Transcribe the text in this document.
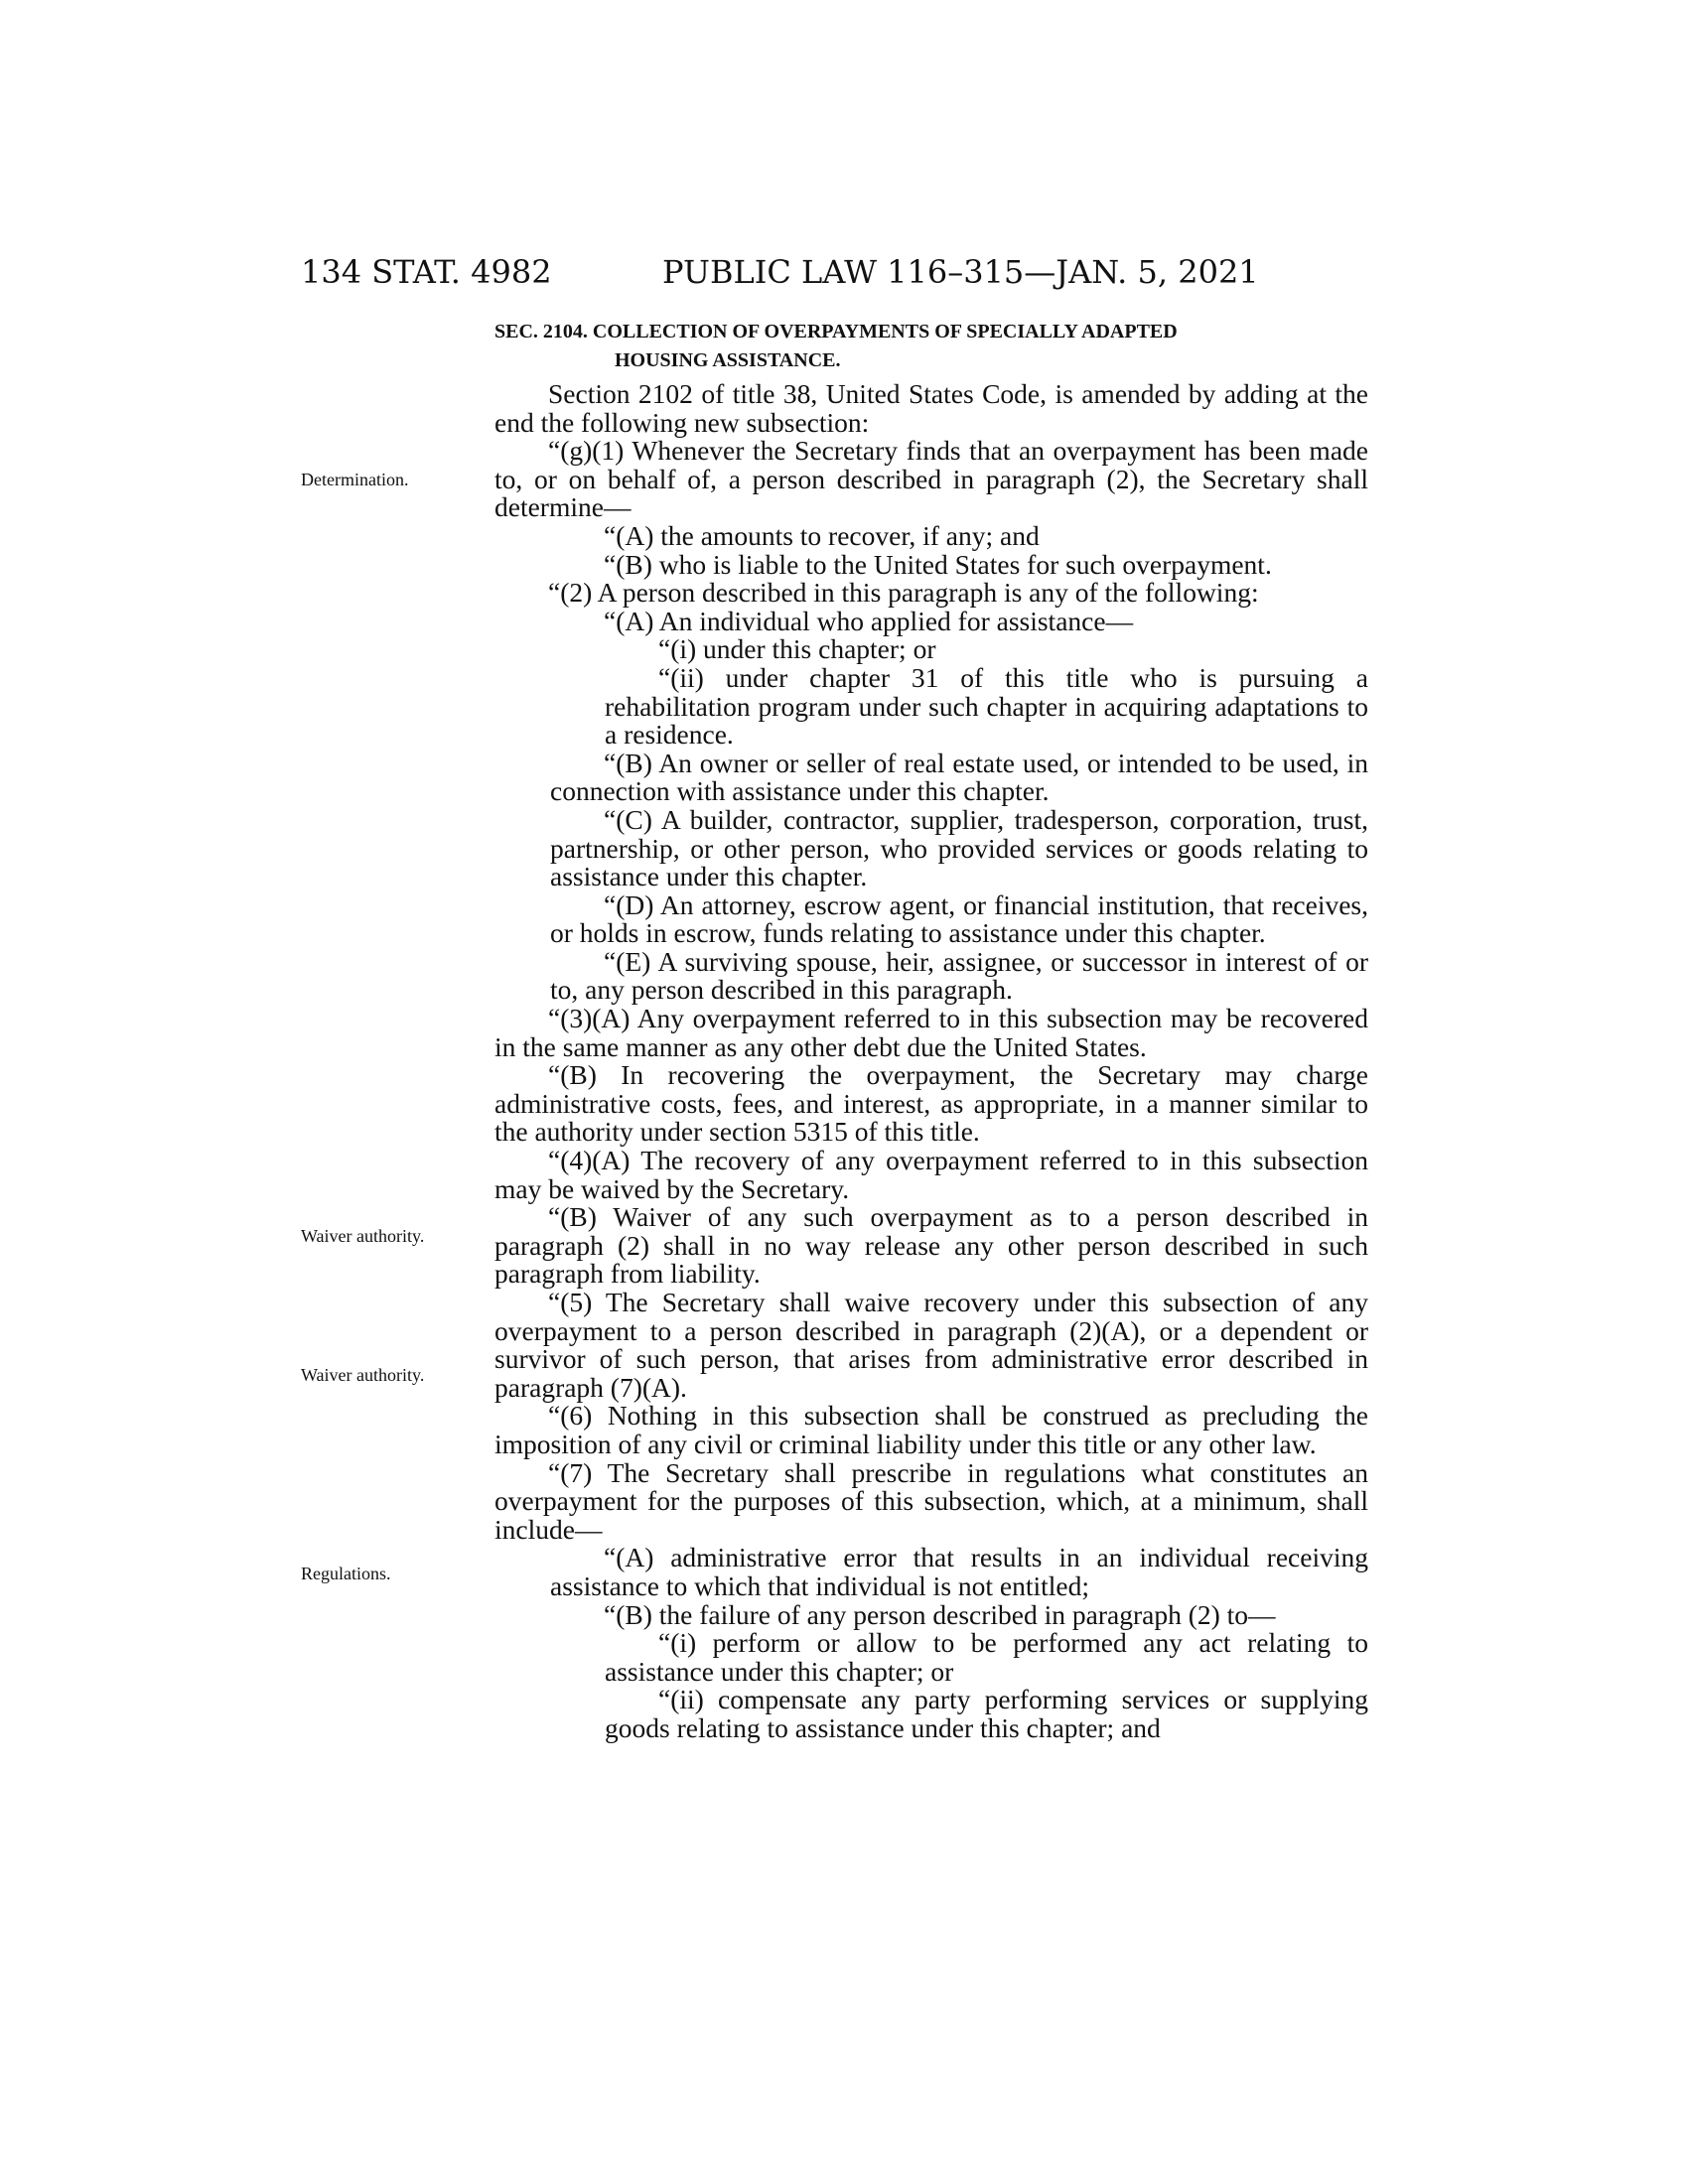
134 STAT. 4982	PUBLIC LAW 116–315—JAN. 5, 2021
SEC. 2104. COLLECTION OF OVERPAYMENTS OF SPECIALLY ADAPTED
HOUSING ASSISTANCE.
Determination.
Waiver authority.
Waiver authority.
Regulations.

Section 2102 of title 38, United States Code, is amended by adding at the end the following new subsection:

“(g)(1) Whenever the Secretary finds that an overpayment has been made to, or on behalf of, a person described in paragraph (2), the Secretary shall determine—

“(A) the amounts to recover, if any; and

“(B) who is liable to the United States for such overpayment.

“(2) A person described in this paragraph is any of the following:

“(A) An individual who applied for assistance—

“(i) under this chapter; or

“(ii) under chapter 31 of this title who is pursuing a rehabilitation program under such chapter in acquiring adaptations to a residence.

“(B) An owner or seller of real estate used, or intended to be used, in connection with assistance under this chapter.

“(C) A builder, contractor, supplier, tradesperson, corporation, trust, partnership, or other person, who provided services or goods relating to assistance under this chapter.

“(D) An attorney, escrow agent, or financial institution, that receives, or holds in escrow, funds relating to assistance under this chapter.

“(E) A surviving spouse, heir, assignee, or successor in interest of or to, any person described in this paragraph.

“(3)(A) Any overpayment referred to in this subsection may be recovered in the same manner as any other debt due the United States.

“(B) In recovering the overpayment, the Secretary may charge administrative costs, fees, and interest, as appropriate, in a manner similar to the authority under section 5315 of this title.

“(4)(A) The recovery of any overpayment referred to in this subsection may be waived by the Secretary.

“(B) Waiver of any such overpayment as to a person described in paragraph (2) shall in no way release any other person described in such paragraph from liability.

“(5) The Secretary shall waive recovery under this subsection of any overpayment to a person described in paragraph (2)(A), or a dependent or survivor of such person, that arises from administrative error described in paragraph (7)(A).

“(6) Nothing in this subsection shall be construed as precluding the imposition of any civil or criminal liability under this title or any other law.

“(7) The Secretary shall prescribe in regulations what constitutes an overpayment for the purposes of this subsection, which, at a minimum, shall include—

“(A) administrative error that results in an individual receiving assistance to which that individual is not entitled;

“(B) the failure of any person described in paragraph (2) to—

“(i) perform or allow to be performed any act relating to assistance under this chapter; or

“(ii) compensate any party performing services or supplying goods relating to assistance under this chapter; and
